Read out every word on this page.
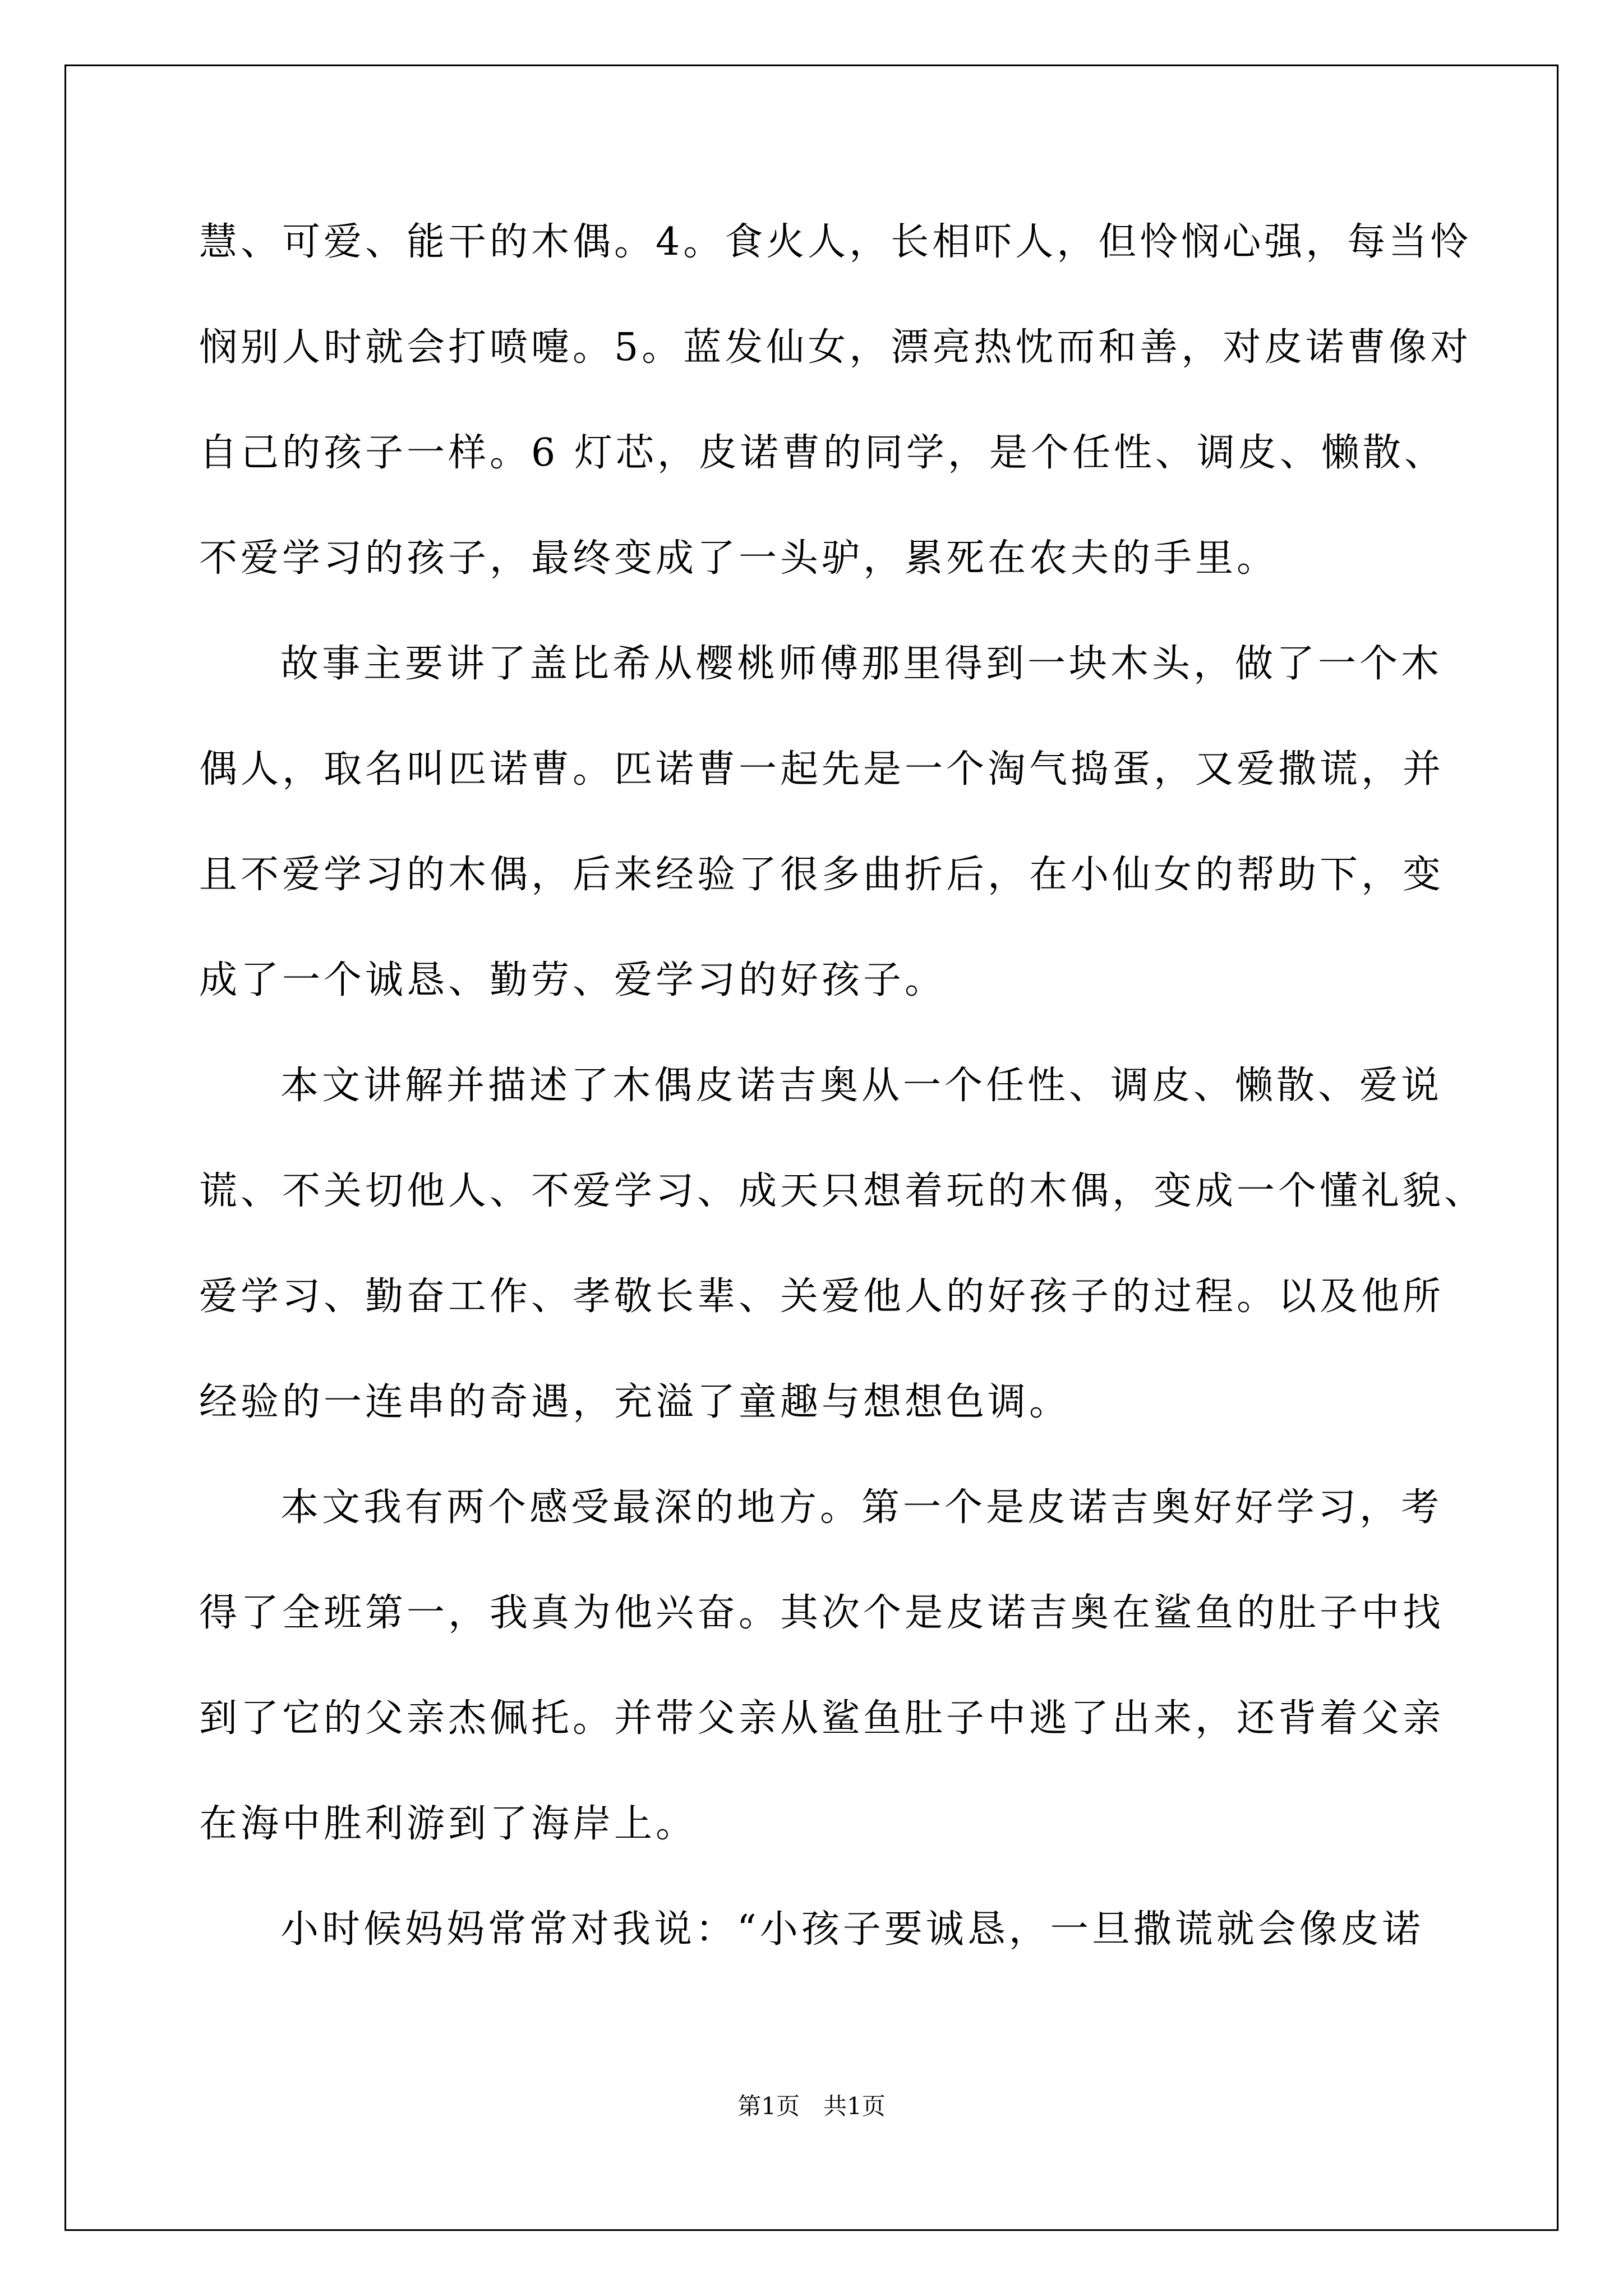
慧、可爱、能干的木偶。4。食火人，长相吓人，但怜悯心强，每当怜
悯别人时就会打喷嚏。5。蓝发仙女，漂亮热忱而和善，对皮诺曹像对
自己的孩子一样。6 灯芯，皮诺曹的同学，是个任性、调皮、懒散、
不爱学习的孩子，最终变成了一头驴，累死在农夫的手里。
故事主要讲了盖比希从樱桃师傅那里得到一块木头，做了一个木
偶人，取名叫匹诺曹。匹诺曹一起先是一个淘气捣蛋，又爱撒谎，并
且不爱学习的木偶，后来经验了很多曲折后，在小仙女的帮助下，变
成了一个诚恳、勤劳、爱学习的好孩子。
本文讲解并描述了木偶皮诺吉奥从一个任性、调皮、懒散、爱说
谎、不关切他人、不爱学习、成天只想着玩的木偶，变成一个懂礼貌、
爱学习、勤奋工作、孝敬长辈、关爱他人的好孩子的过程。以及他所
经验的一连串的奇遇，充溢了童趣与想想色调。
本文我有两个感受最深的地方。第一个是皮诺吉奥好好学习，考
得了全班第一，我真为他兴奋。其次个是皮诺吉奥在鲨鱼的肚子中找
到了它的父亲杰佩托。并带父亲从鲨鱼肚子中逃了出来，还背着父亲
在海中胜利游到了海岸上。
小时候妈妈常常对我说：“小孩子要诚恳，一旦撒谎就会像皮诺
第1页　共1页
